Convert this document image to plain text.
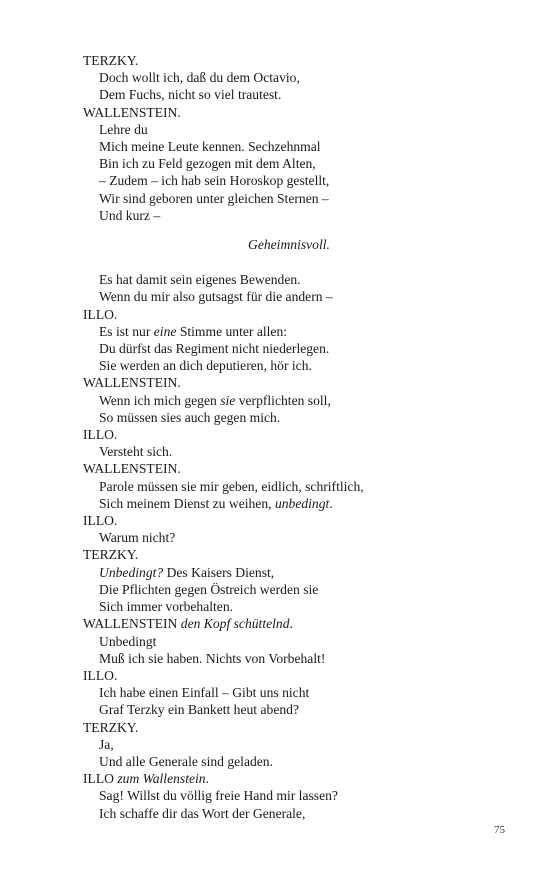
TERZKY.
Doch wollt ich, daß du dem Octavio,
Dem Fuchs, nicht so viel trautest.
WALLENSTEIN.
Lehre du
Mich meine Leute kennen. Sechzehnmal
Bin ich zu Feld gezogen mit dem Alten,
– Zudem – ich hab sein Horoskop gestellt,
Wir sind geboren unter gleichen Sternen –
Und kurz –
Geheimnisvoll.
Es hat damit sein eigenes Bewenden.
Wenn du mir also gutsagst für die andern –
ILLO.
Es ist nur eine Stimme unter allen:
Du dürfst das Regiment nicht niederlegen.
Sie werden an dich deputieren, hör ich.
WALLENSTEIN.
Wenn ich mich gegen sie verpflichten soll,
So müssen sies auch gegen mich.
ILLO.
Versteht sich.
WALLENSTEIN.
Parole müssen sie mir geben, eidlich, schriftlich,
Sich meinem Dienst zu weihen, unbedingt.
ILLO.
Warum nicht?
TERZKY.
Unbedingt? Des Kaisers Dienst,
Die Pflichten gegen Östreich werden sie
Sich immer vorbehalten.
WALLENSTEIN den Kopf schüttelnd.
Unbedingt
Muß ich sie haben. Nichts von Vorbehalt!
ILLO.
Ich habe einen Einfall – Gibt uns nicht
Graf Terzky ein Bankett heut abend?
TERZKY.
Ja,
Und alle Generale sind geladen.
ILLO zum Wallenstein.
Sag! Willst du völlig freie Hand mir lassen?
Ich schaffe dir das Wort der Generale,
75
